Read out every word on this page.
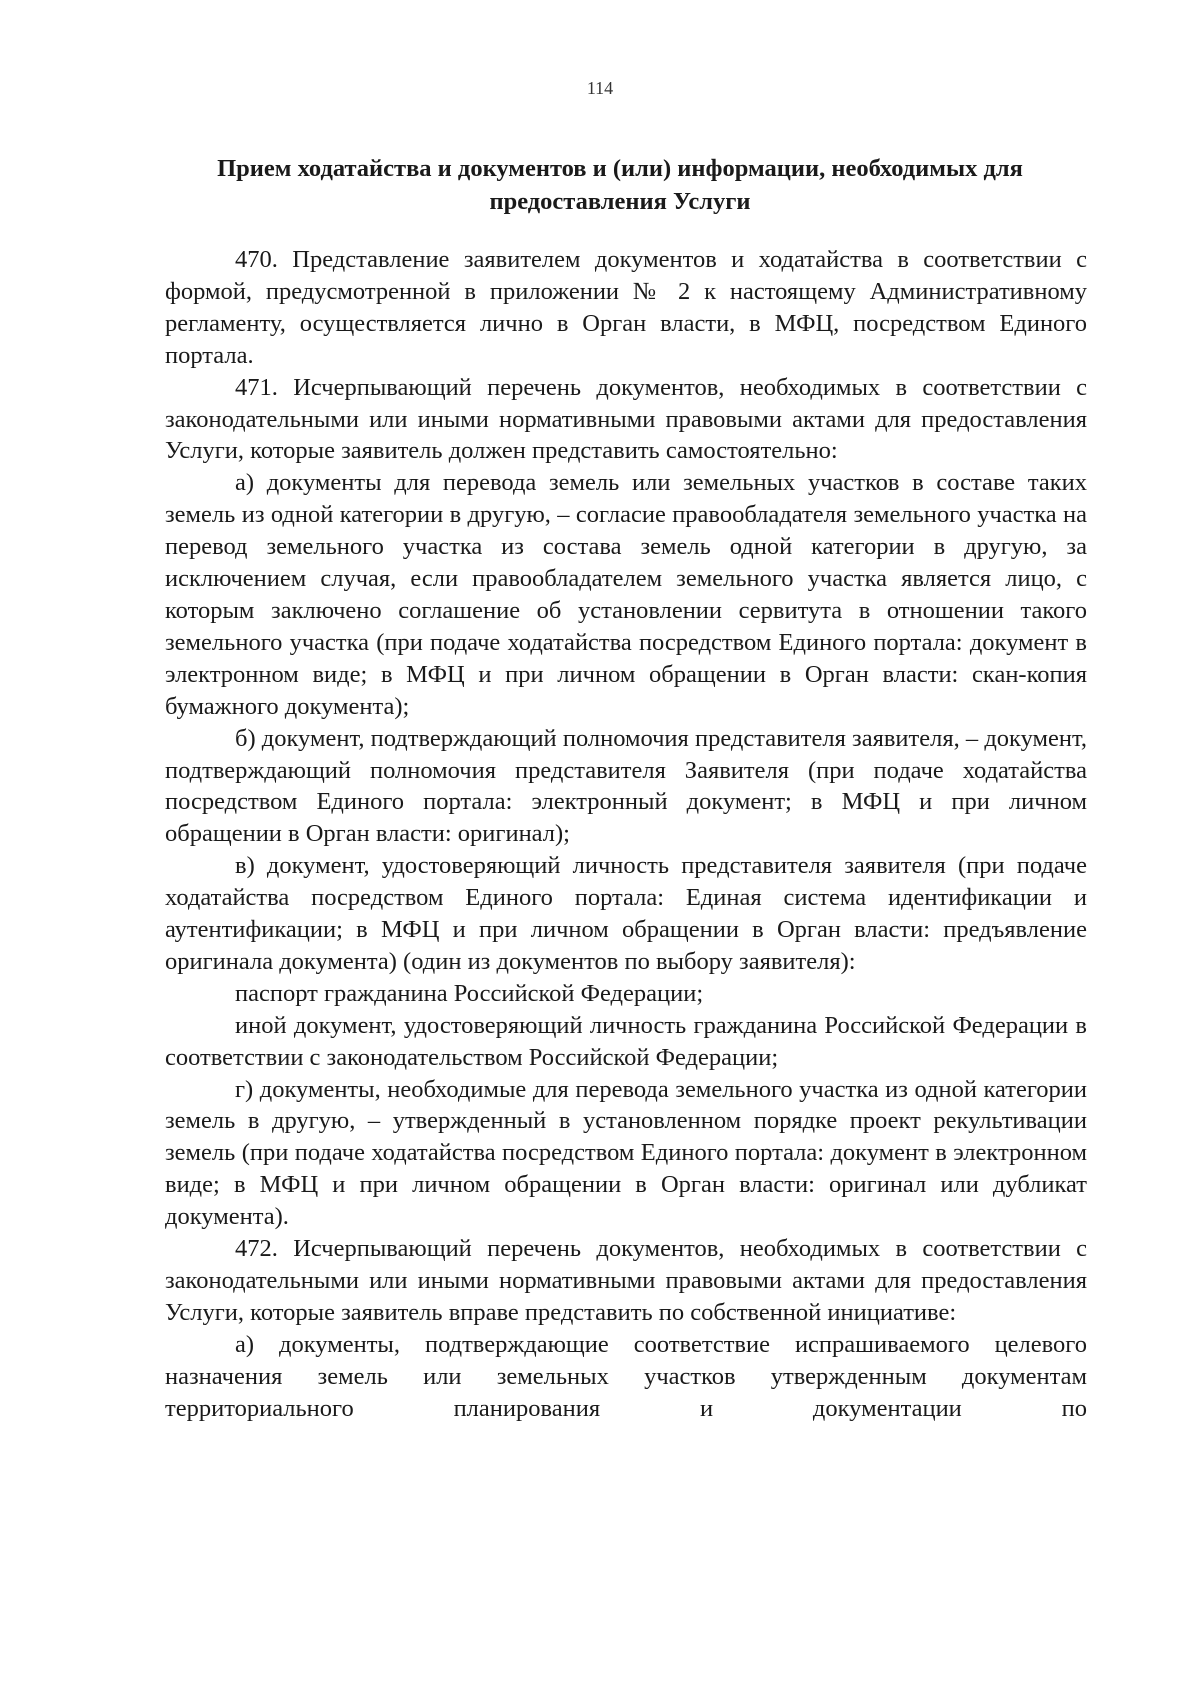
114
Прием ходатайства и документов и (или) информации, необходимых для предоставления Услуги

470. Представление заявителем документов и ходатайства в соответствии с формой, предусмотренной в приложении № 2 к настоящему Административному регламенту, осуществляется лично в Орган власти, в МФЦ, посредством Единого портала.

471. Исчерпывающий перечень документов, необходимых в соответствии с законодательными или иными нормативными правовыми актами для предоставления Услуги, которые заявитель должен представить самостоятельно:

а) документы для перевода земель или земельных участков в составе таких земель из одной категории в другую, – согласие правообладателя земельного участка на перевод земельного участка из состава земель одной категории в другую, за исключением случая, если правообладателем земельного участка является лицо, с которым заключено соглашение об установлении сервитута в отношении такого земельного участка (при подаче ходатайства посредством Единого портала: документ в электронном виде; в МФЦ и при личном обращении в Орган власти: скан-копия бумажного документа);

б) документ, подтверждающий полномочия представителя заявителя, – документ, подтверждающий полномочия представителя Заявителя (при подаче ходатайства посредством Единого портала: электронный документ; в МФЦ и при личном обращении в Орган власти: оригинал);

в) документ, удостоверяющий личность представителя заявителя (при подаче ходатайства посредством Единого портала: Единая система идентификации и аутентификации; в МФЦ и при личном обращении в Орган власти: предъявление оригинала документа) (один из документов по выбору заявителя):

паспорт гражданина Российской Федерации;

иной документ, удостоверяющий личность гражданина Российской Федерации в соответствии с законодательством Российской Федерации;

г) документы, необходимые для перевода земельного участка из одной категории земель в другую, – утвержденный в установленном порядке проект рекультивации земель (при подаче ходатайства посредством Единого портала: документ в электронном виде; в МФЦ и при личном обращении в Орган власти: оригинал или дубликат документа).

472. Исчерпывающий перечень документов, необходимых в соответствии с законодательными или иными нормативными правовыми актами для предоставления Услуги, которые заявитель вправе представить по собственной инициативе:

а) документы, подтверждающие соответствие испрашиваемого целевого назначения земель или земельных участков утвержденным документам территориального планирования и документации по
